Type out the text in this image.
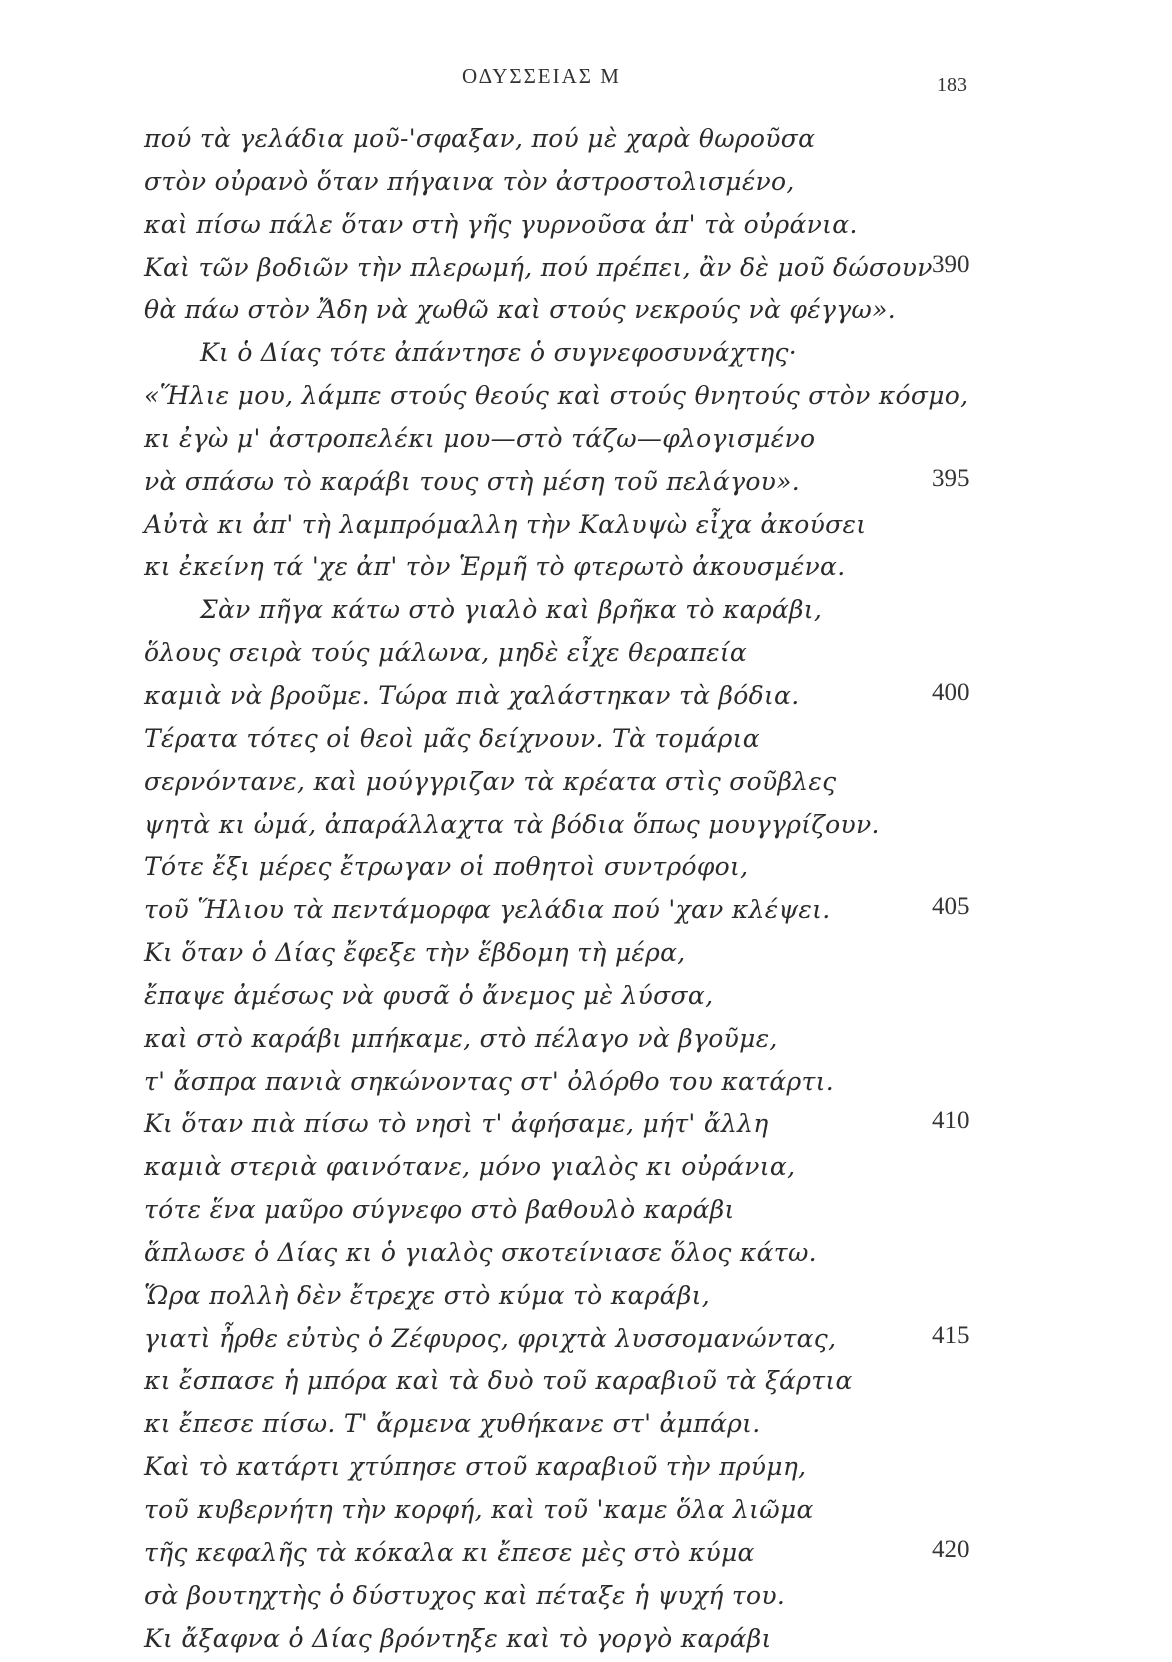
ΟΔΥΣΣΕΙΑΣ Μ	183
πού τὰ γελάδια μοῦ-'σφαξαν, πού μὲ χαρὰ θωροῦσα
στὸν οὐρανὸ ὅταν πήγαινα τὸν ἀστροστολισμένο,
καὶ πίσω πάλε ὅταν στὴ γῆς γυρνοῦσα ἀπ' τὰ οὐράνια.
Καὶ τῶν βοδιῶν τὴν πλερωμή, πού πρέπει, ἂν δὲ μοῦ δώσουν 390
θὰ πάω στὸν Ἄδη νὰ χωθῶ καὶ στούς νεκρούς νὰ φέγγω».
Κι ὁ Δίας τότε ἀπάντησε ὁ συγνεφοσυνάχτης·
«Ἥλιε μου, λάμπε στούς θεούς καὶ στούς θνητούς στὸν κόσμο,
κι ἐγὼ μ' ἀστροπελέκι μου—στὸ τάζω—φλογισμένο
νὰ σπάσω τὸ καράβι τους στὴ μέση τοῦ πελάγου».	395
Αὐτὰ κι ἀπ' τὴ λαμπρόμαλλη τὴν Καλυψὼ εἶχα ἀκούσει
κι ἐκείνη τά 'χε ἀπ' τὸν Ἑρμῆ τὸ φτερωτὸ ἀκουσμένα.
Σὰν πῆγα κάτω στὸ γιαλὸ καὶ βρῆκα τὸ καράβι,
ὅλους σειρὰ τούς μάλωνα, μηδὲ εἶχε θεραπεία
καμιὰ νὰ βροῦμε. Τώρα πιὰ χαλάστηκαν τὰ βόδια.	400
Τέρατα τότες οἱ θεοὶ μᾶς δείχνουν. Τὰ τομάρια
σερνόντανε, καὶ μούγγριζαν τὰ κρέατα στὶς σοῦβλες
ψητὰ κι ὠμά, ἀπαράλλαχτα τὰ βόδια ὅπως μουγγρίζουν.
Τότε ἔξι μέρες ἔτρωγαν οἱ ποθητοὶ συντρόφοι,
τοῦ Ἥλιου τὰ πεντάμορφα γελάδια πού 'χαν κλέψει.	405
Κι ὅταν ὁ Δίας ἔφεξε τὴν ἕβδομη τὴ μέρα,
ἔπαψε ἀμέσως νὰ φυσᾶ ὁ ἄνεμος μὲ λύσσα,
καὶ στὸ καράβι μπήκαμε, στὸ πέλαγο νὰ βγοῦμε,
τ' ἄσπρα πανιὰ σηκώνοντας στ' ὀλόρθο του κατάρτι.
Κι ὅταν πιὰ πίσω τὸ νησὶ τ' ἀφήσαμε, μήτ' ἄλλη	410
καμιὰ στεριὰ φαινότανε, μόνο γιαλὸς κι οὐράνια,
τότε ἕνα μαῦρο σύγνεφο στὸ βαθουλὸ καράβι
ἅπλωσε ὁ Δίας κι ὁ γιαλὸς σκοτείνιασε ὅλος κάτω.
Ὥρα πολλὴ δὲν ἔτρεχε στὸ κύμα τὸ καράβι,
γιατὶ ἦρθε εὐτὺς ὁ Ζέφυρος, φριχτὰ λυσσομανώντας,	415
κι ἔσπασε ἡ μπόρα καὶ τὰ δυὸ τοῦ καραβιοῦ τὰ ξάρτια
κι ἔπεσε πίσω. Τ' ἄρμενα χυθήκανε στ' ἀμπάρι.
Καὶ τὸ κατάρτι χτύπησε στοῦ καραβιοῦ τὴν πρύμη,
τοῦ κυβερνήτη τὴν κορφή, καὶ τοῦ 'καμε ὅλα λιῶμα
τῆς κεφαλῆς τὰ κόκαλα κι ἔπεσε μὲς στὸ κύμα	420
σὰ βουτηχτὴς ὁ δύστυχος καὶ πέταξε ἡ ψυχή του.
Κι ἄξαφνα ὁ Δίας βρόντηξε καὶ τὸ γοργὸ καράβι
